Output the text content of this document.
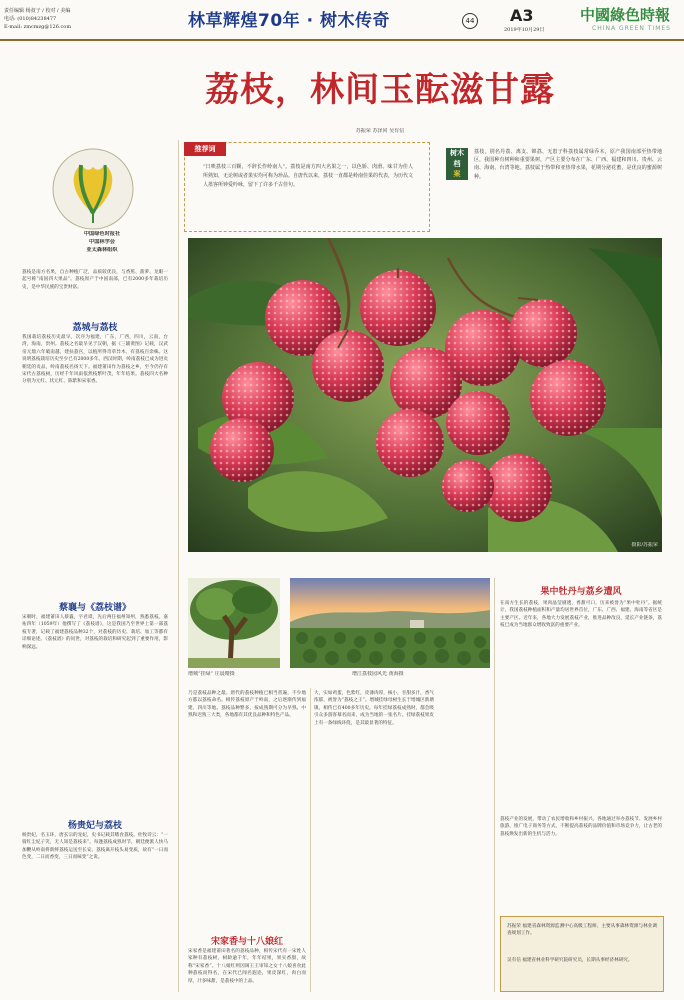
责任编辑 杨叔子 / 校对 / 美编
电话: (010)84238477
E-mail: zmcmzg@126.com	林草辉煌70年 · 树木传奇	44 A3
2019年10月29日
中國綠色時報
CHINA GREEN TIMES
荔枝，林间玉酝滋甘露
苏振荣 苏泽同 吴有信
中国绿色时报社
中国林学会
亚太森林组织
荔枝是南方名果，自古种植广泛，品质较优良，与香蕉、菠萝、龙眼一起号称“南国四大果品”。荔枝原产于中国南部，已有2000多年栽培历史，是中华民族的宝贵财富。
荔城与荔枝
我国栽培荔枝历史最早，次序为福建，广东，广西，四川，云南，台湾，海南，贵州。荔枝之名最早见于汉朝，据《三辅黄图》记载，汉武帝元鼎六年破南越，建扶荔宫，以植所得奇草异木，有荔枝百余株。这说明荔枝栽培历史至少已有2000多年。西汉时期，岭南荔枝已成为进贡朝廷的贡品，岭南荔枝名扬天下。福建莆田作为荔枝之乡，至今仍存有宋代古荔枝树，历经千年风雨依然枝繁叶茂，年年结果。荔枝四大名种分别为元红、状元红、陈紫和宋家香。
蔡襄与《荔枝谱》
宋朝时，福建莆田人蔡襄，字君谟，先后两任福州知州，熟悉荔枝。嘉祐四年（1059年）他撰写了《荔枝谱》，这是我国乃至世界上第一部荔枝专著，记载了福建荔枝品种32个，对荔枝的历史、栽培、加工等都有详细论述。《荔枝谱》的问世，对荔枝的栽培和研究起到了重要作用，影响深远。
杨贵妃与荔枝
杨贵妃，名玉环，唐玄宗的宠妃，史书记载其嗜食荔枝。杜牧诗云：“一骑红尘妃子笑，无人知是荔枝来”。每逢荔枝成熟时节，朝廷便派人快马加鞭从岭南将新鲜荔枝运送至长安。荔枝离开枝头易变质，故有“一日而色变，二日而香变，三日而味变”之说。
推荐词
“日啖荔枝三百颗，不辞长作岭南人”。荔枝是南方四大名果之一，以色娇、肉滑、味甘为佳人所熟知，无论树或者果实均可称为珍品。自唐代以来，荔枝一直都是岭南佳果的代表，为历代文人墨客所钟爱吟咏，留下了许多千古佳句。
树木
档
案
荔枝，别名丹荔、离支、锦荔、无患子科荔枝属常绿乔木，原产我国南部至热带地区，我国种有树种和重要果树，产区主要分布在广东、广西、福建和四川、贵州、云南、海南、台湾等地。荔枝属于热带和亚热带水果，花期分泌花蜜，是优良的蜜源树种。
摄影/苏振荣
增城“挂绿” 庄晨晴摄	增江荔枝园风光 黄海摄
乃是荔枝品种之最。唐代的荔枝种植已相当普遍，不少地方都以荔枝命名。相传荔枝原产于岭南，之后逐渐传到福建、四川等地。荔枝品种繁多，按成熟期可分为早熟、中熟和迟熟三大类，各地都有其优良品种和特色产品。
宋家香与十八娘红
宋家香是福建莆田著名的荔枝品种，相传宋代有一宋姓人家种有荔枝树，树龄逾千年，年年结果，果实香甜，故称“宋家香”。十八娘红则因闽王王审知之女十八娘喜食此种荔枝而得名，在宋代已闻名遐迩，果皮深红，肉白而厚，汁多味甜，是荔枝中的上品。
大，实如鸡蛋，色紫红，皮薄肉厚，核小，甘甜多汁，香气浓郁，被誉为“荔枝之王”。增城挂绿母树生长于增城区新塘镇，相传已有400多年历史。每年挂绿荔枝成熟时，都会吸引众多游客慕名而来，成为当地的一张名片。挂绿荔枝果皮上有一条绿线环绕，是其最显著的特征。
果中牡丹与荔乡遭风
在南方生长的荔枝，果肉晶莹剔透，香甜可口，历来被誉为“果中牡丹”。据统计，我国荔枝种植面积和产量均居世界首位，广东、广西、福建、海南等省区是主要产区。近年来，各地大力发展荔枝产业，推进品种改良，延长产业链条，荔枝已成为当地群众增收致富的重要产业。
荔枝产业的发展，带动了农民增收和乡村振兴。各地通过举办荔枝节、发展乡村旅游、推广电子商务等方式，不断提高荔枝的品牌价值和市场竞争力，让古老的荔枝焕发出新的生机与活力。
苏振荣 福建省森林资源监测中心高级工程师，主要从事森林资源与林业调查规划工作。
吴有信 福建省林业科学研究院研究员，长期从事经济林研究。
